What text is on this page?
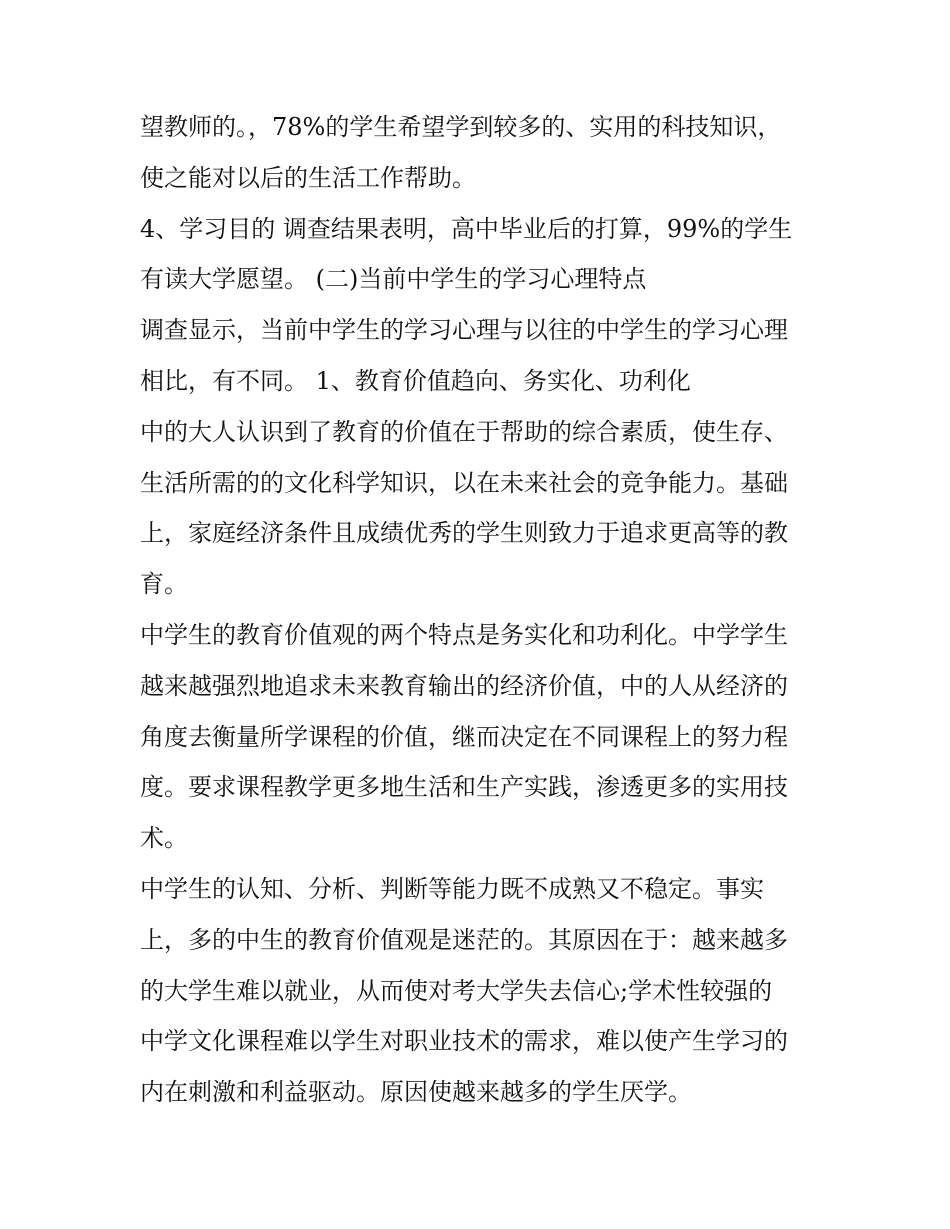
望教师的。，78%的学生希望学到较多的、实用的科技知识，
使之能对以后的生活工作帮助。
4、学习目的 调查结果表明，高中毕业后的打算，99%的学生
有读大学愿望。 (二)当前中学生的学习心理特点
调查显示，当前中学生的学习心理与以往的中学生的学习心理
相比，有不同。 1、教育价值趋向、务实化、功利化
中的大人认识到了教育的价值在于帮助的综合素质，使生存、
生活所需的的文化科学知识，以在未来社会的竞争能力。基础
上，家庭经济条件且成绩优秀的学生则致力于追求更高等的教
育。
中学生的教育价值观的两个特点是务实化和功利化。中学学生
越来越强烈地追求未来教育输出的经济价值，中的人从经济的
角度去衡量所学课程的价值，继而决定在不同课程上的努力程
度。要求课程教学更多地生活和生产实践，渗透更多的实用技
术。
中学生的认知、分析、判断等能力既不成熟又不稳定。事实
上，多的中生的教育价值观是迷茫的。其原因在于：越来越多
的大学生难以就业，从而使对考大学失去信心;学术性较强的
中学文化课程难以学生对职业技术的需求，难以使产生学习的
内在刺激和利益驱动。原因使越来越多的学生厌学。
